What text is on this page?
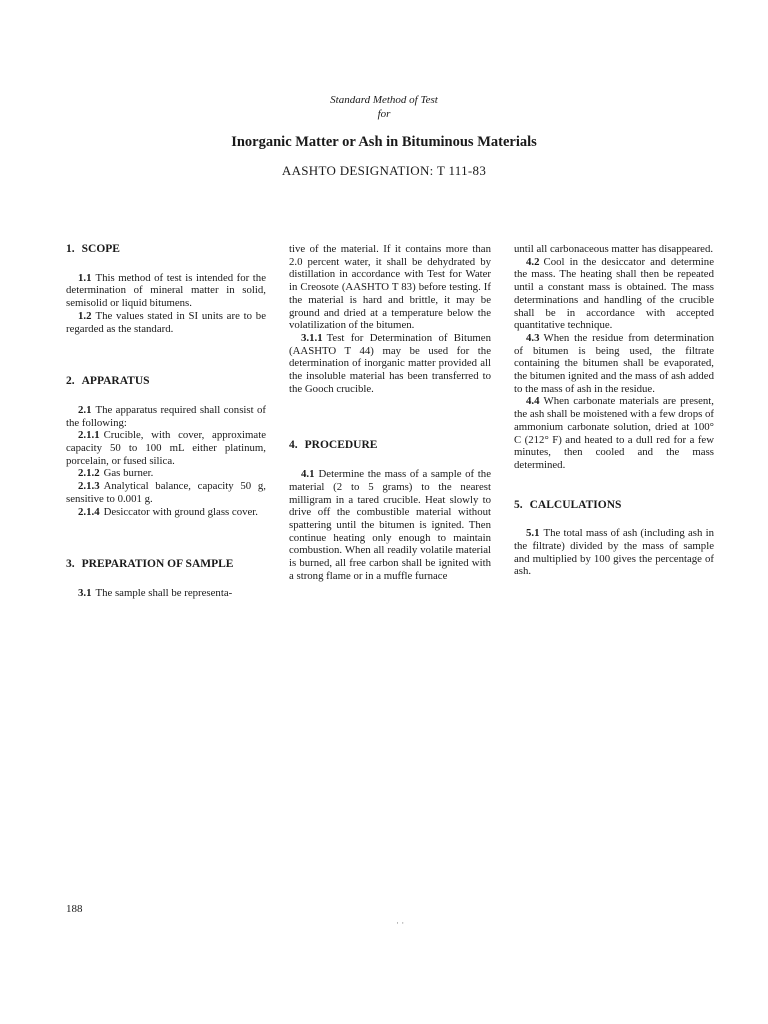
Standard Method of Test
for
Inorganic Matter or Ash in Bituminous Materials
AASHTO DESIGNATION: T 111-83
1. SCOPE

1.1 This method of test is intended for the determination of mineral matter in solid, semisolid or liquid bitumens.

1.2 The values stated in SI units are to be regarded as the standard.

2. APPARATUS

2.1 The apparatus required shall consist of the following:

2.1.1 Crucible, with cover, approximate capacity 50 to 100 mL either platinum, porcelain, or fused silica.

2.1.2 Gas burner.

2.1.3 Analytical balance, capacity 50 g, sensitive to 0.001 g.

2.1.4 Desiccator with ground glass cover.

3. PREPARATION OF SAMPLE

3.1 The sample shall be representa-

tive of the material. If it contains more than 2.0 percent water, it shall be dehydrated by distillation in accordance with Test for Water in Creosote (AASHTO T 83) before testing. If the material is hard and brittle, it may be ground and dried at a temperature below the volatilization of the bitumen.

3.1.1 Test for Determination of Bitumen (AASHTO T 44) may be used for the determination of inorganic matter provided all the insoluble material has been transferred to the Gooch crucible.

4. PROCEDURE

4.1 Determine the mass of a sample of the material (2 to 5 grams) to the nearest milligram in a tared crucible. Heat slowly to drive off the combustible material without spattering until the bitumen is ignited. Then continue heating only enough to maintain combustion. When all readily volatile material is burned, all free carbon shall be ignited with a strong flame or in a muffle furnace

until all carbonaceous matter has disappeared.

4.2 Cool in the desiccator and determine the mass. The heating shall then be repeated until a constant mass is obtained. The mass determinations and handling of the crucible shall be in accordance with accepted quantitative technique.

4.3 When the residue from determination of bitumen is being used, the filtrate containing the bitumen shall be evaporated, the bitumen ignited and the mass of ash added to the mass of ash in the residue.

4.4 When carbonate materials are present, the ash shall be moistened with a few drops of ammonium carbonate solution, dried at 100° C (212° F) and heated to a dull red for a few minutes, then cooled and the mass determined.

5. CALCULATIONS

5.1 The total mass of ash (including ash in the filtrate) divided by the mass of sample and multiplied by 100 gives the percentage of ash.

188
· ·
